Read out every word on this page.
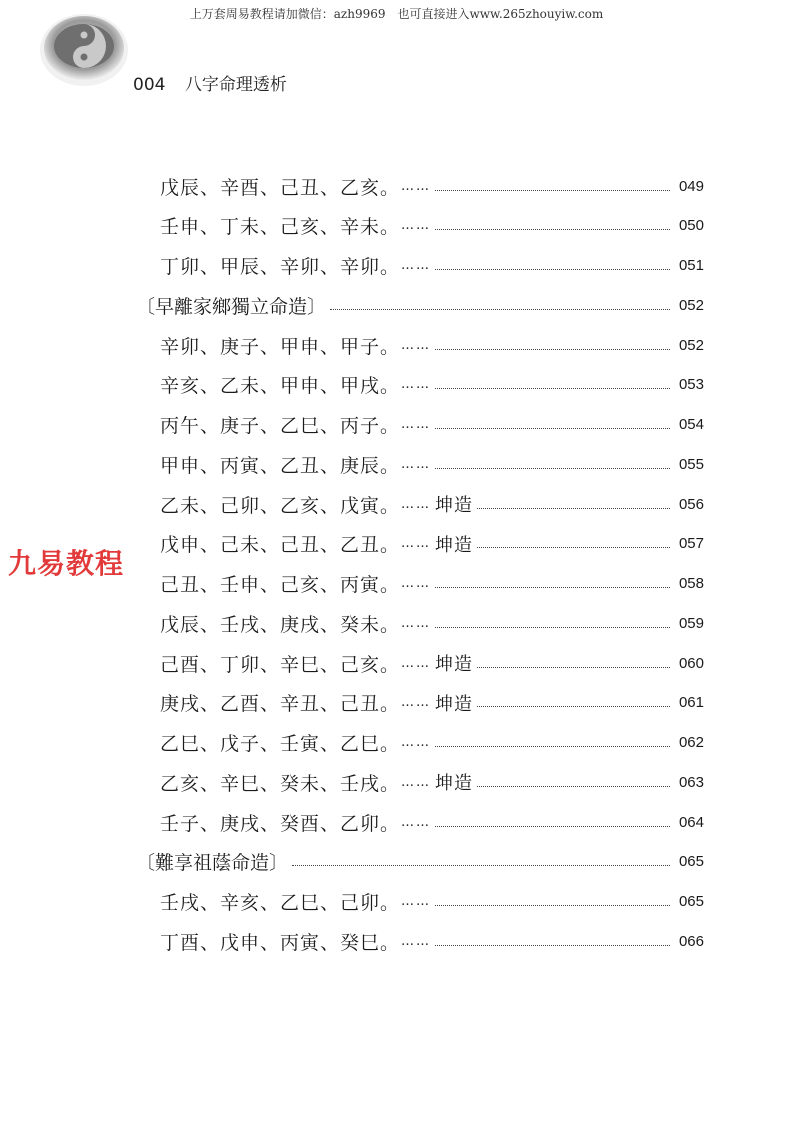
上万套周易教程请加微信：azh9969　也可直接进入www.265zhouyiw.com
004 八字命理透析
九易教程
戊辰、辛酉、己丑、乙亥。 ……	049
壬申、丁未、己亥、辛未。 ……	050
丁卯、甲辰、辛卯、辛卯。 ……	051
〔早離家鄉獨立命造〕	052
辛卯、庚子、甲申、甲子。 ……	052
辛亥、乙未、甲申、甲戌。 ……	053
丙午、庚子、乙巳、丙子。 ……	054
甲申、丙寅、乙丑、庚辰。 ……	055
乙未、己卯、乙亥、戊寅。 …… 坤造	056
戊申、己未、己丑、乙丑。 …… 坤造	057
己丑、壬申、己亥、丙寅。 ……	058
戊辰、壬戌、庚戌、癸未。 ……	059
己酉、丁卯、辛巳、己亥。 …… 坤造	060
庚戌、乙酉、辛丑、己丑。 …… 坤造	061
乙巳、戊子、壬寅、乙巳。 ……	062
乙亥、辛巳、癸未、壬戌。 …… 坤造	063
壬子、庚戌、癸酉、乙卯。 ……	064
〔難享祖蔭命造〕	065
壬戌、辛亥、乙巳、己卯。 ……	065
丁酉、戊申、丙寅、癸巳。 ……	066
